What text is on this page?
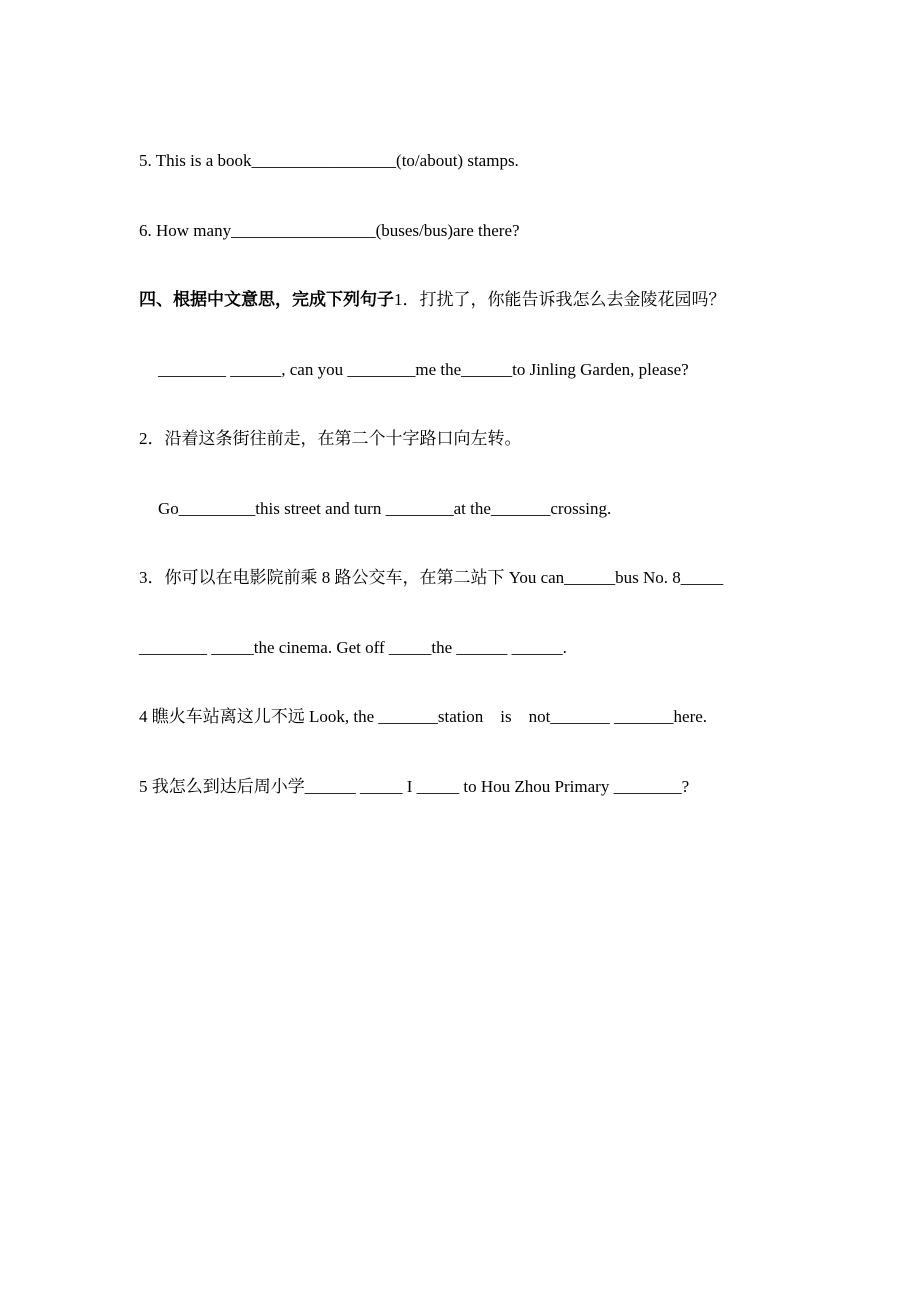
5. This is a book_________________(to/about) stamps.
6. How many_________________(buses/bus)are there?
四、根据中文意思，完成下列句子1．打扰了，你能告诉我怎么去金陵花园吗？
________ ______, can you ________me the______to Jinling Garden, please?
2．沿着这条街往前走，在第二个十字路口向左转。
Go_________this street and turn ________at the_______crossing.
3．你可以在电影院前乘 8 路公交车，在第二站下 You can______bus No. 8_____
________ _____the cinema. Get off _____the ______ ______.
4 瞧火车站离这儿不远 Look, the _______station    is    not_______ _______here.
5 我怎么到达后周小学______ _____ I _____ to Hou Zhou Primary ________?
